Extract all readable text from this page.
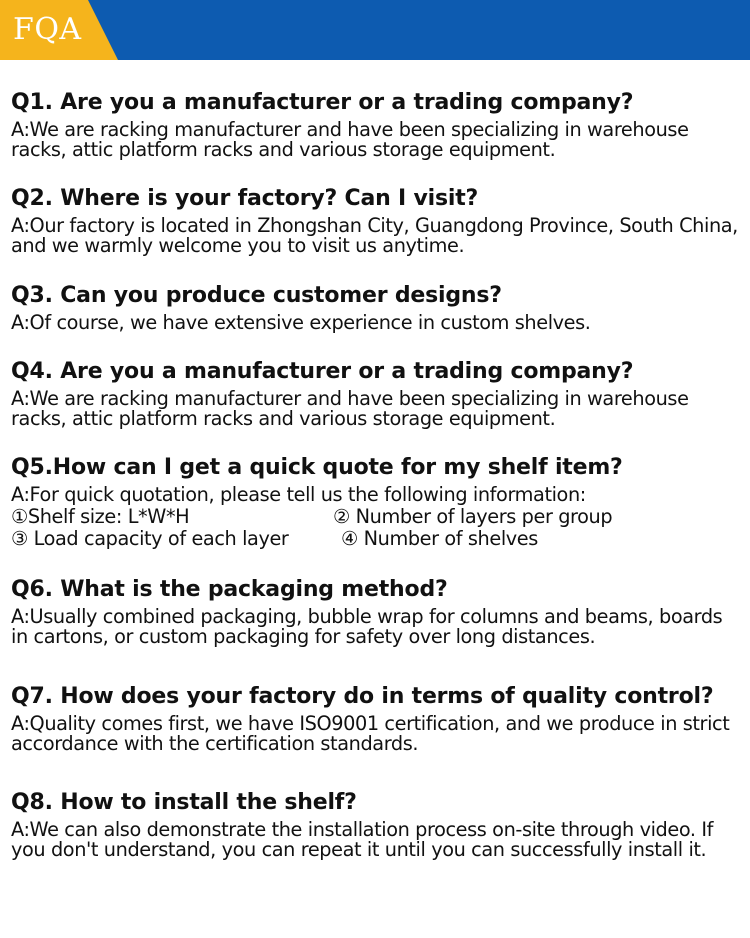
FQA
Q1. Are you a manufacturer or a trading company?
A:We are racking manufacturer and have been specializing in warehouse racks, attic platform racks and various storage equipment.
Q2. Where is your factory? Can I visit?
A:Our factory is located in Zhongshan City, Guangdong Province, South China, and we warmly welcome you to visit us anytime.
Q3. Can you produce customer designs?
A:Of course, we have extensive experience in custom shelves.
Q4. Are you a manufacturer or a trading company?
A:We are racking manufacturer and have been specializing in warehouse racks, attic platform racks and various storage equipment.
Q5.How can I get a quick quote for my shelf item?
A:For quick quotation, please tell us the following information:
①Shelf size: L*W*H	② Number of layers per group
③ Load capacity of each layer	④ Number of shelves
Q6. What is the packaging method?
A:Usually combined packaging, bubble wrap for columns and beams, boards in cartons, or custom packaging for safety over long distances.
Q7. How does your factory do in terms of quality control?
A:Quality comes first, we have ISO9001 certification, and we produce in strict accordance with the certification standards.
Q8. How to install the shelf?
A:We can also demonstrate the installation process on-site through video. If you don't understand, you can repeat it until you can successfully install it.
